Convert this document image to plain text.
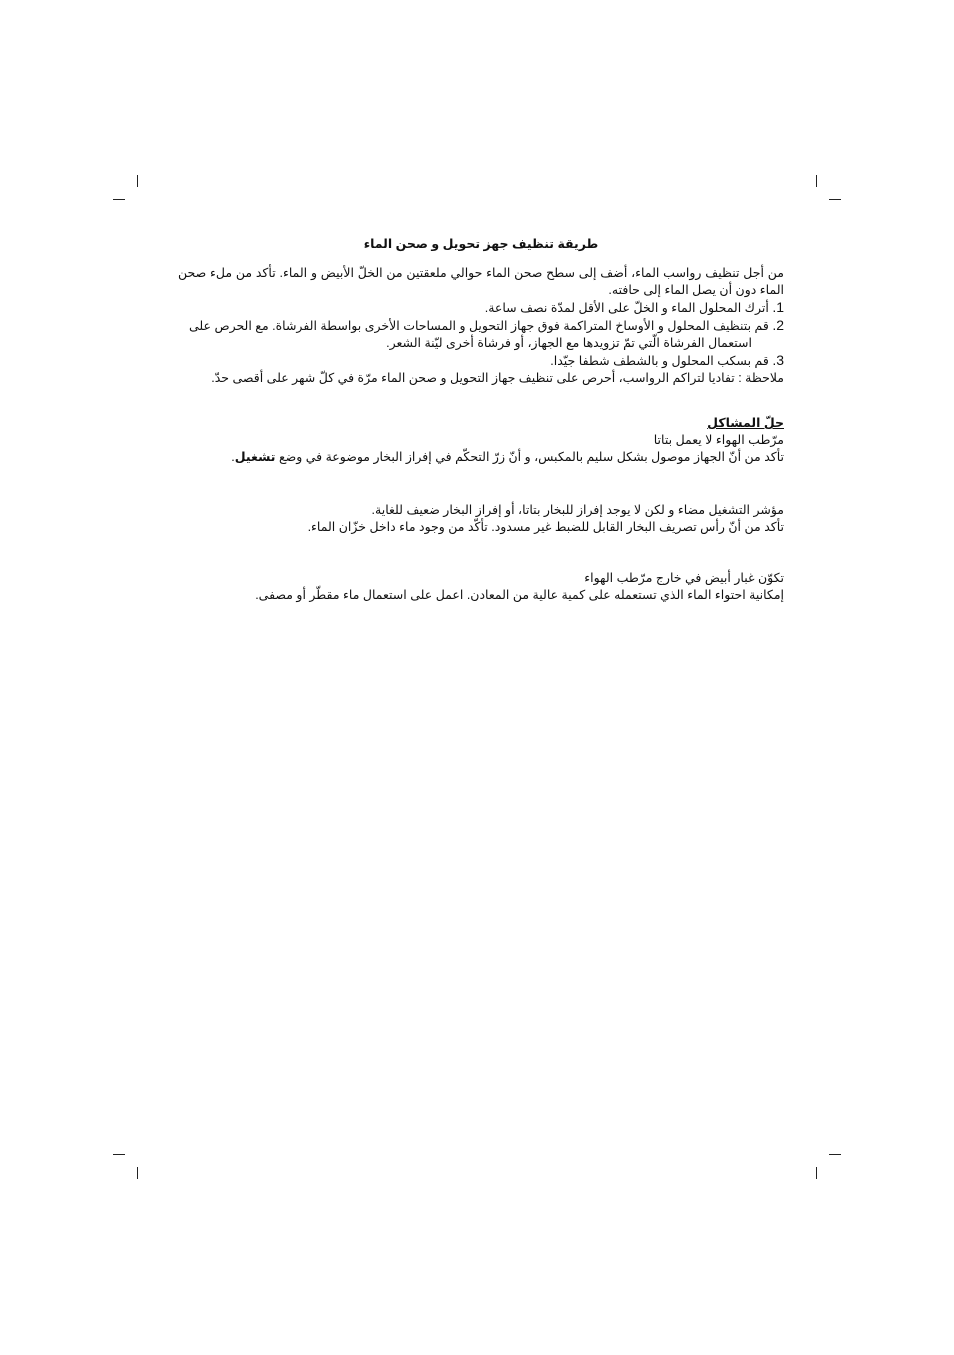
طريقة تنظيف جهز تحويل و صحن الماء

من أجل تنظيف رواسب الماء، أضف إلى سطح صحن الماء حوالي ملعقتين من الخلّ الأبيض و الماء. تأكد من ملء صحن الماء دون أن يصل الماء إلى حافته.

1. أترك المحلول الماء و الخلّ على الأقل لمدّة نصف ساعة.
2. قم بتنظيف المحلول و الأوساخ المتراكمة فوق جهاز التحويل و المساحات الأخرى بواسطة الفرشاة. مع الحرص على
استعمال الفرشاة الّتي تمّ تزويدها مع الجهاز، أو فرشاة أخرى ليّنة الشعر.
3. قم بسكب المحلول و بالشطف شطفا جيّدا.

ملاحظة : تفاديا لتراكم الرواسب، أحرص على تنظيف جهاز التحويل و صحن الماء مرّة في كلّ شهر على أقصى حدّ.

حلّ المشاكل

مرّطب الهواء لا يعمل بتاتا

تأكد من أنّ الجهاز موصول بشكل سليم بالمكبس، و أنّ زرّ التحكّم في إفراز البخار موضوعة في وضع تشغيل.

مؤشر التشغيل مضاء و لكن لا يوجد إفراز للبخار بتاتا، أو إفراز البخار ضعيف للغاية.

تأكد من أنّ رأس تصريف البخار القابل للضبط غير مسدود. تأكّد من وجود ماء داخل خزّان الماء.

تكوّن غبار أبيض في خارج مرّطب الهواء

إمكانية احتواء الماء الذي تستعمله على كمية عالية من المعادن. اعمل على استعمال ماء مقطّر أو مصفى.
